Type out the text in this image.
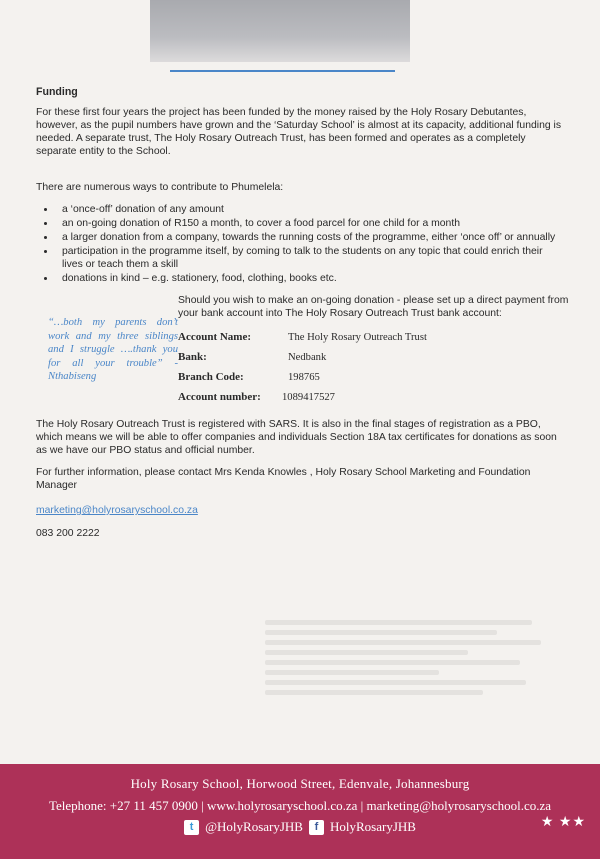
Funding

For these first four years the project has been funded by the money raised by the Holy Rosary Debutantes, however, as the pupil numbers have grown and the ‘Saturday School’ is almost at its capacity, additional funding is needed. A separate trust, The Holy Rosary Outreach Trust, has been formed and operates as a completely separate entity to the School.

There are numerous ways to contribute to Phumelela:

• a ‘once-off’ donation of any amount
• an on-going donation of R150 a month, to cover a food parcel for one child for a month
• a larger donation from a company, towards the running costs of the programme, either ‘once off’ or annually
• participation in the programme itself, by coming to talk to the students on any topic that could enrich their lives or teach them a skill
• donations in kind – e.g. stationery, food, clothing, books etc.
“…both my parents don’t work and my three siblings and I struggle ….thank you for all your trouble” - Nthabiseng

Should you wish to make an on-going donation - please set up a direct payment from your bank account into The Holy Rosary Outreach Trust bank account:

Account Name:	The Holy Rosary Outreach Trust
Bank:	Nedbank
Branch Code:	198765
Account number:	1089417527

The Holy Rosary Outreach Trust is registered with SARS. It is also in the final stages of registration as a PBO, which means we will be able to offer companies and individuals Section 18A tax certificates for donations as soon as we have our PBO status and official number.

For further information, please contact Mrs Kenda Knowles , Holy Rosary School Marketing and Foundation Manager

marketing@holyrosaryschool.co.za

083 200 2222

Holy Rosary School, Horwood Street, Edenvale, Johannesburg
Telephone: +27 11 457 0900 | www.holyrosaryschool.co.za | marketing@holyrosaryschool.co.za
t @HolyRosaryJHB	f HolyRosaryJHB	★ ★★
